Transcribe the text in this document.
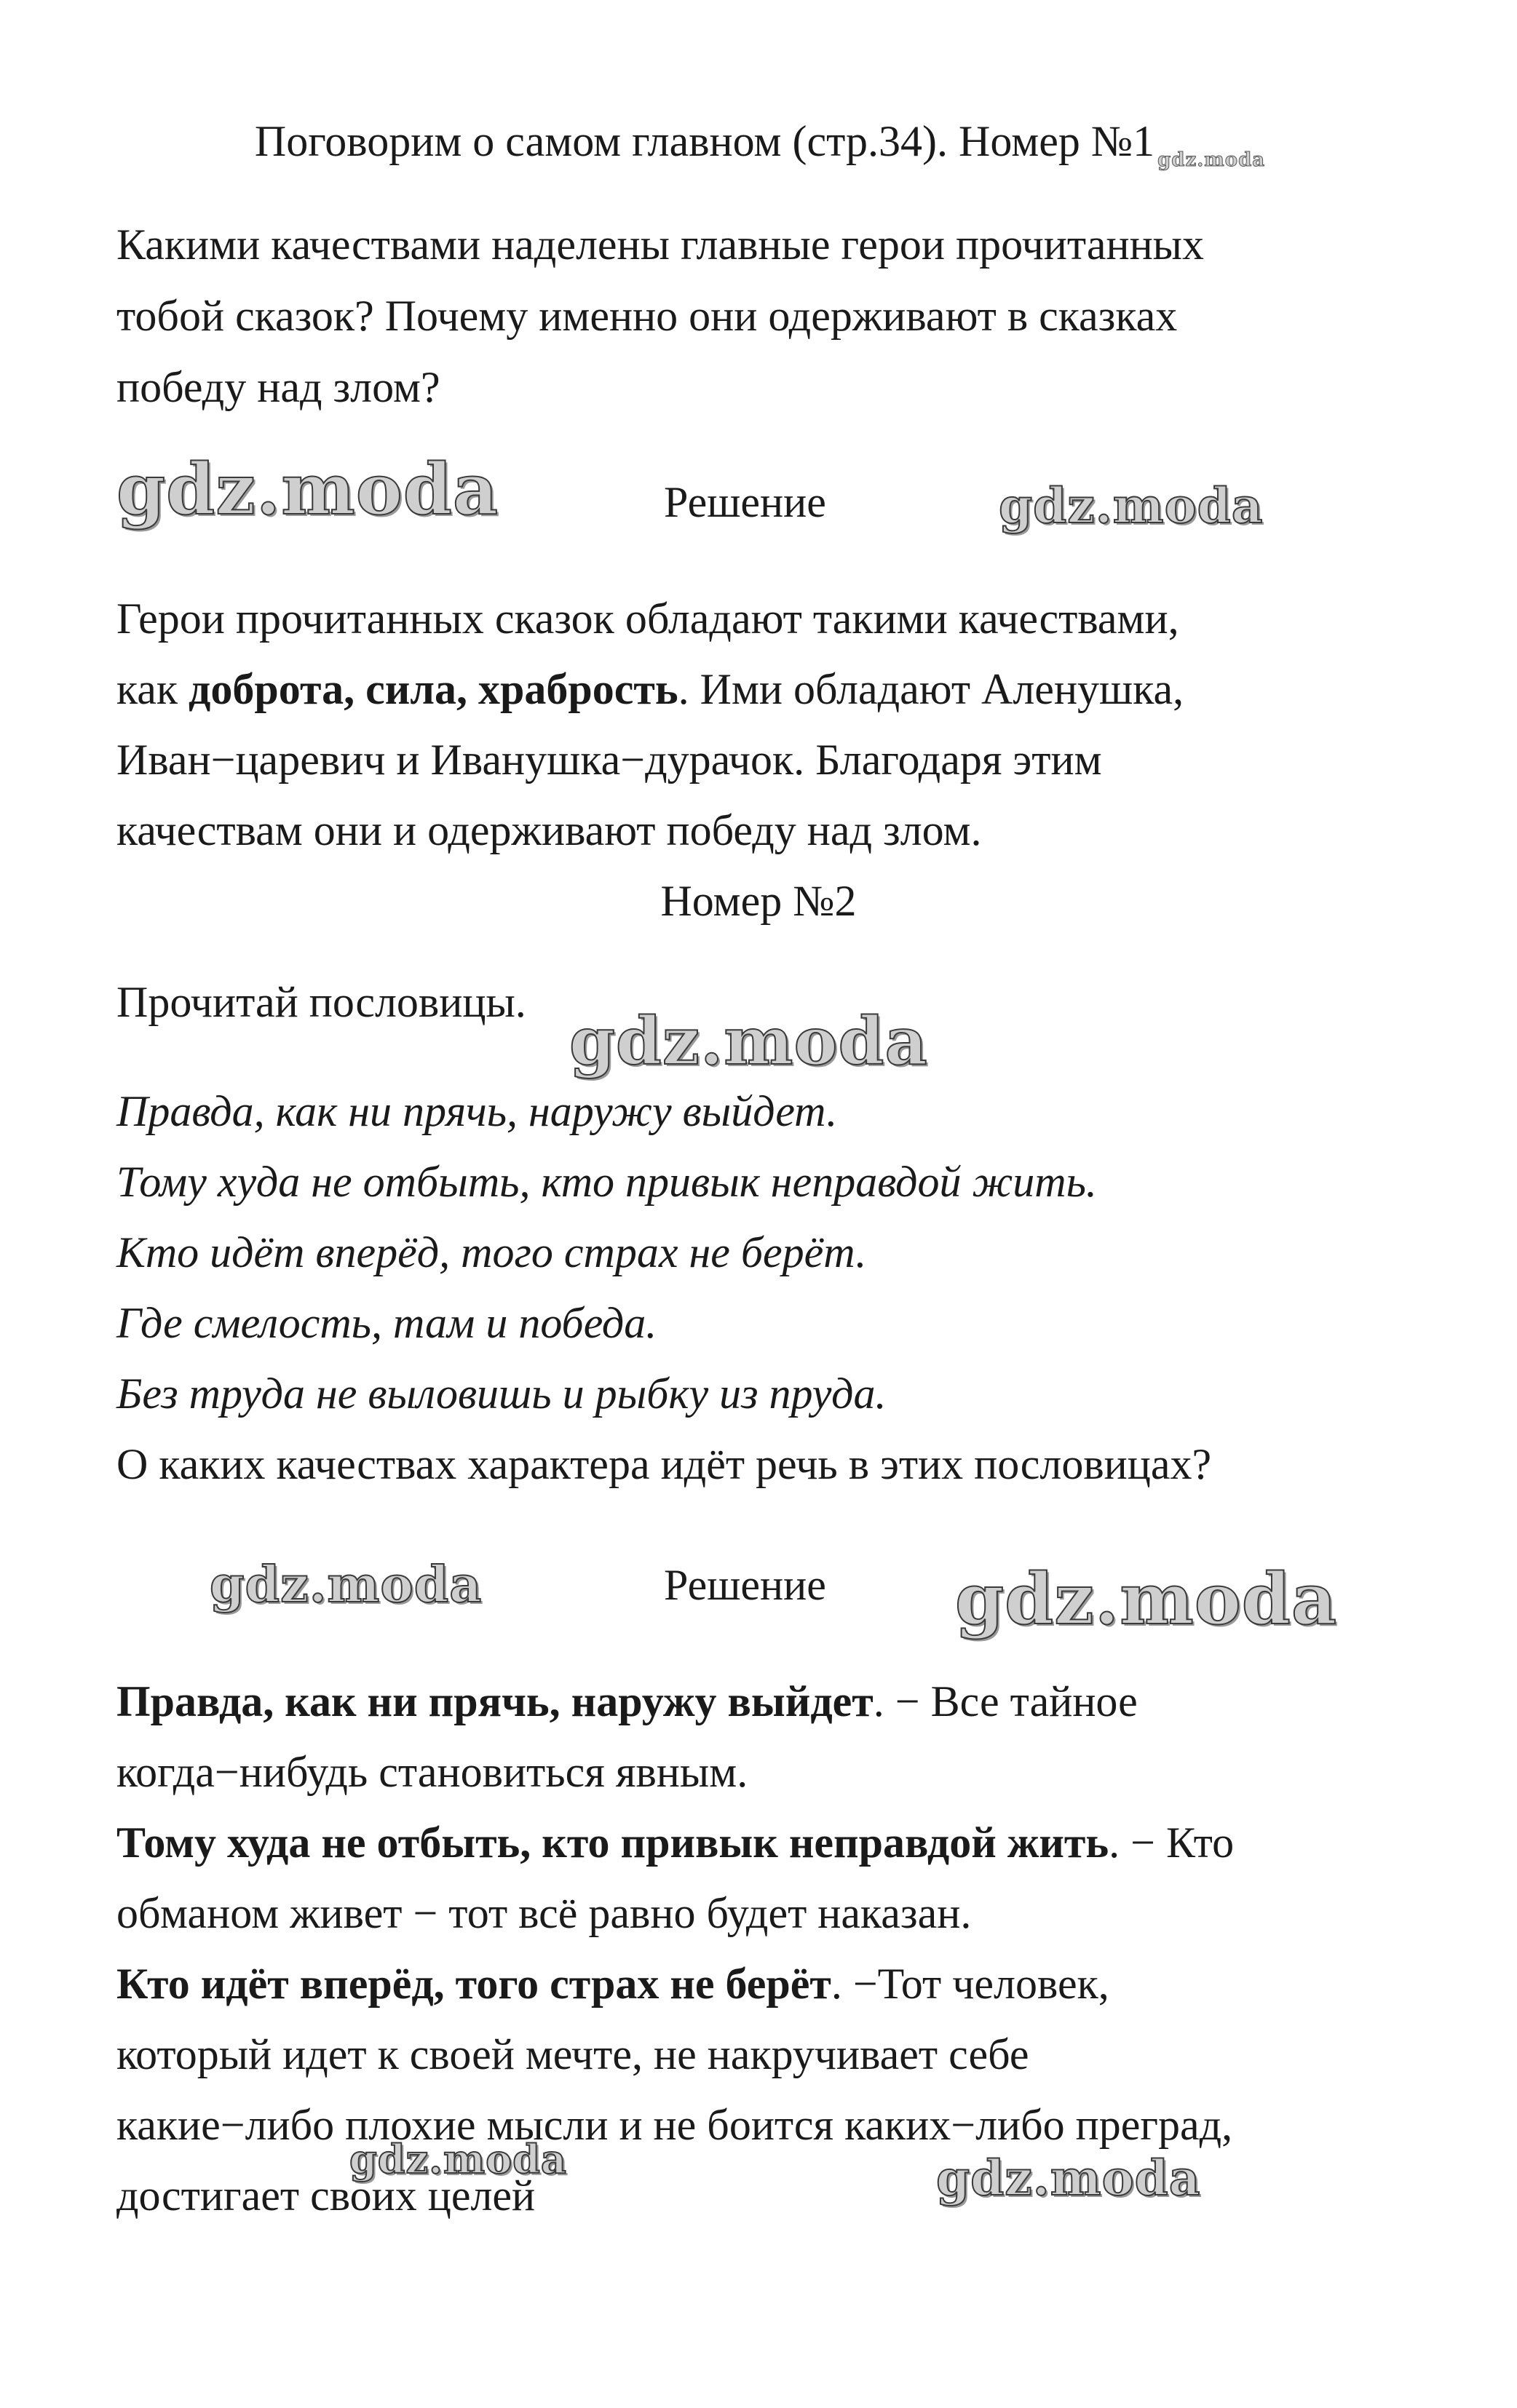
Поговорим о самом главном (стр.34). Номер №1 $_{gdz.moda}$
Какими качествами наделены главные герои прочитанных
тобой сказок? Почему именно они одерживают в сказках
победу над злом?
gdz.moda	Решение	gdz.moda
Герои прочитанных сказок обладают такими качествами,
как доброта, сила, храбрость. Ими обладают Аленушка,
Иван−царевич и Иванушка−дурачок. Благодаря этим
качествам они и одерживают победу над злом.
Номер №2
Прочитай пословицы.
gdz.moda
Правда, как ни прячь, наружу выйдет.
Тому худа не отбыть, кто привык неправдой жить.
Кто идёт вперёд, того страх не берёт.
Где смелость, там и победа.
Без труда не выловишь и рыбку из пруда.
О каких качествах характера идёт речь в этих пословицах?
gdz.moda	Решение gdz.moda
Правда, как ни прячь, наружу выйдет. − Все тайное
когда−нибудь становиться явным.
Тому худа не отбыть, кто привык неправдой жить. − Кто
обманом живет − тот всё равно будет наказан.
Кто идёт вперёд, того страх не берёт. −Тот человек,
который идет к своей мечте, не накручивает себе
какие−либо плохие мысли и не боится каких−либо преград,
gdz.moda
достигает своих целей	gdz.moda
